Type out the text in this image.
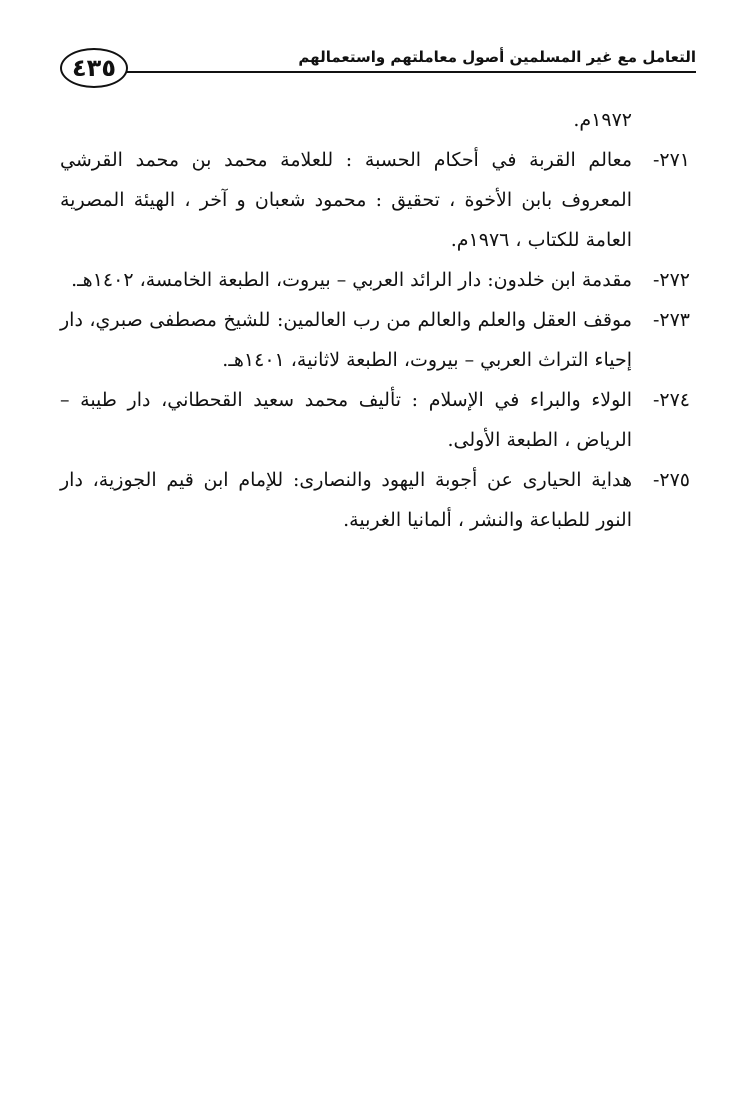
التعامل مع غير المسلمين أصول معاملتهم واستعمالهم
٤٣٥
١٩٧٢م.
٢٧١-
معالم القربة في أحكام الحسبة : للعلامة محمد بن محمد القرشي المعروف بابن الأخوة ، تحقيق : محمود شعبان و آخر ، الهيئة المصرية العامة للكتاب ، ١٩٧٦م.
٢٧٢-
مقدمة ابن خلدون: دار الرائد العربي – بيروت، الطبعة الخامسة، ١٤٠٢هـ.
٢٧٣-
موقف العقل والعلم والعالم من رب العالمين: للشيخ مصطفى صبري، دار إحياء التراث العربي – بيروت، الطبعة لاثانية، ١٤٠١هـ.
٢٧٤-
الولاء والبراء في الإسلام : تأليف محمد سعيد القحطاني، دار طيبة – الرياض ، الطبعة الأولى.
٢٧٥-
هداية الحيارى عن أجوبة اليهود والنصارى: للإمام ابن قيم الجوزية، دار النور للطباعة والنشر ، ألمانيا الغربية.
